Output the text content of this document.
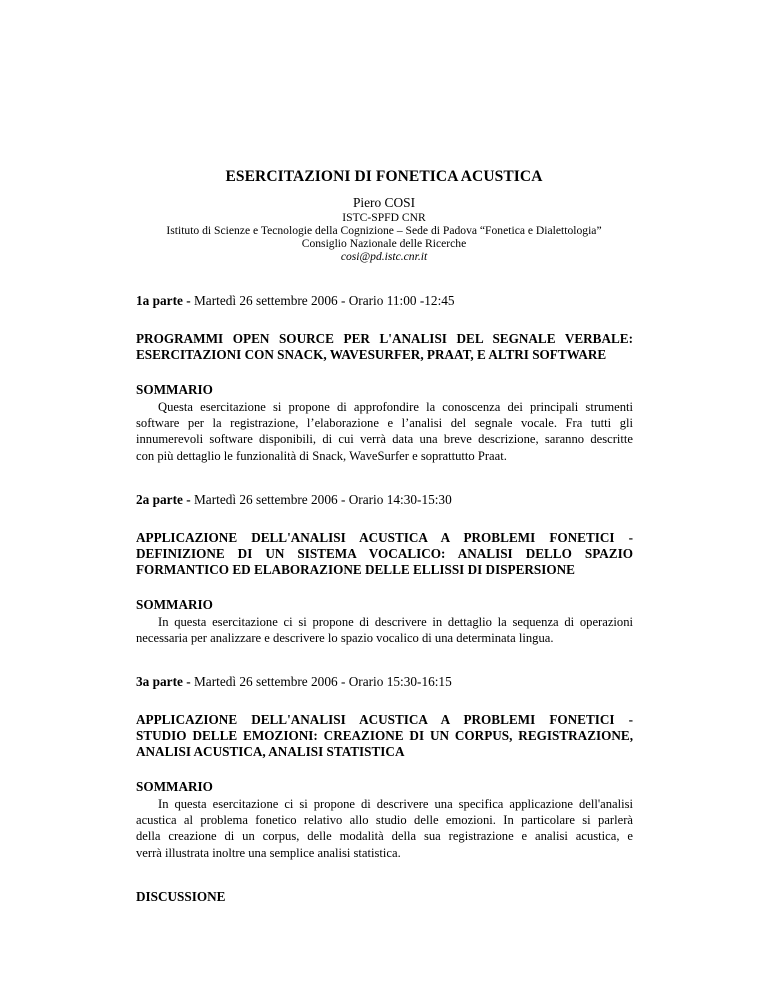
ESERCITAZIONI DI FONETICA ACUSTICA
Piero COSI
ISTC-SPFD CNR
Istituto di Scienze e Tecnologie della Cognizione – Sede di Padova “Fonetica e Dialettologia”
Consiglio Nazionale delle Ricerche
cosi@pd.istc.cnr.it
1a parte - Martedì 26 settembre 2006 - Orario 11:00 -12:45
PROGRAMMI OPEN SOURCE PER L'ANALISI DEL SEGNALE VERBALE:
ESERCITAZIONI CON SNACK, WAVESURFER, PRAAT, E ALTRI SOFTWARE
SOMMARIO
Questa esercitazione si propone di approfondire la conoscenza dei principali strumenti
software per la registrazione, l’elaborazione e l’analisi del segnale vocale. Fra tutti gli
innumerevoli software disponibili, di cui verrà data una breve descrizione, saranno descritte
con più dettaglio le funzionalità di Snack, WaveSurfer e soprattutto Praat.
2a parte - Martedì 26 settembre 2006 - Orario 14:30-15:30
APPLICAZIONE DELL'ANALISI ACUSTICA A PROBLEMI FONETICI -
DEFINIZIONE DI UN SISTEMA VOCALICO: ANALISI DELLO SPAZIO
FORMANTICO ED ELABORAZIONE DELLE ELLISSI DI DISPERSIONE
SOMMARIO
In questa esercitazione ci si propone di descrivere in dettaglio la sequenza di operazioni
necessaria per analizzare e descrivere lo spazio vocalico di una determinata lingua.
3a parte - Martedì 26 settembre 2006 - Orario 15:30-16:15
APPLICAZIONE DELL'ANALISI ACUSTICA A PROBLEMI FONETICI -
STUDIO DELLE EMOZIONI: CREAZIONE DI UN CORPUS, REGISTRAZIONE,
ANALISI ACUSTICA, ANALISI STATISTICA
SOMMARIO
In questa esercitazione ci si propone di descrivere una specifica applicazione dell'analisi
acustica al problema fonetico relativo allo studio delle emozioni. In particolare si parlerà
della creazione di un corpus, delle modalità della sua registrazione e analisi acustica, e
verrà illustrata inoltre una semplice analisi statistica.
DISCUSSIONE
